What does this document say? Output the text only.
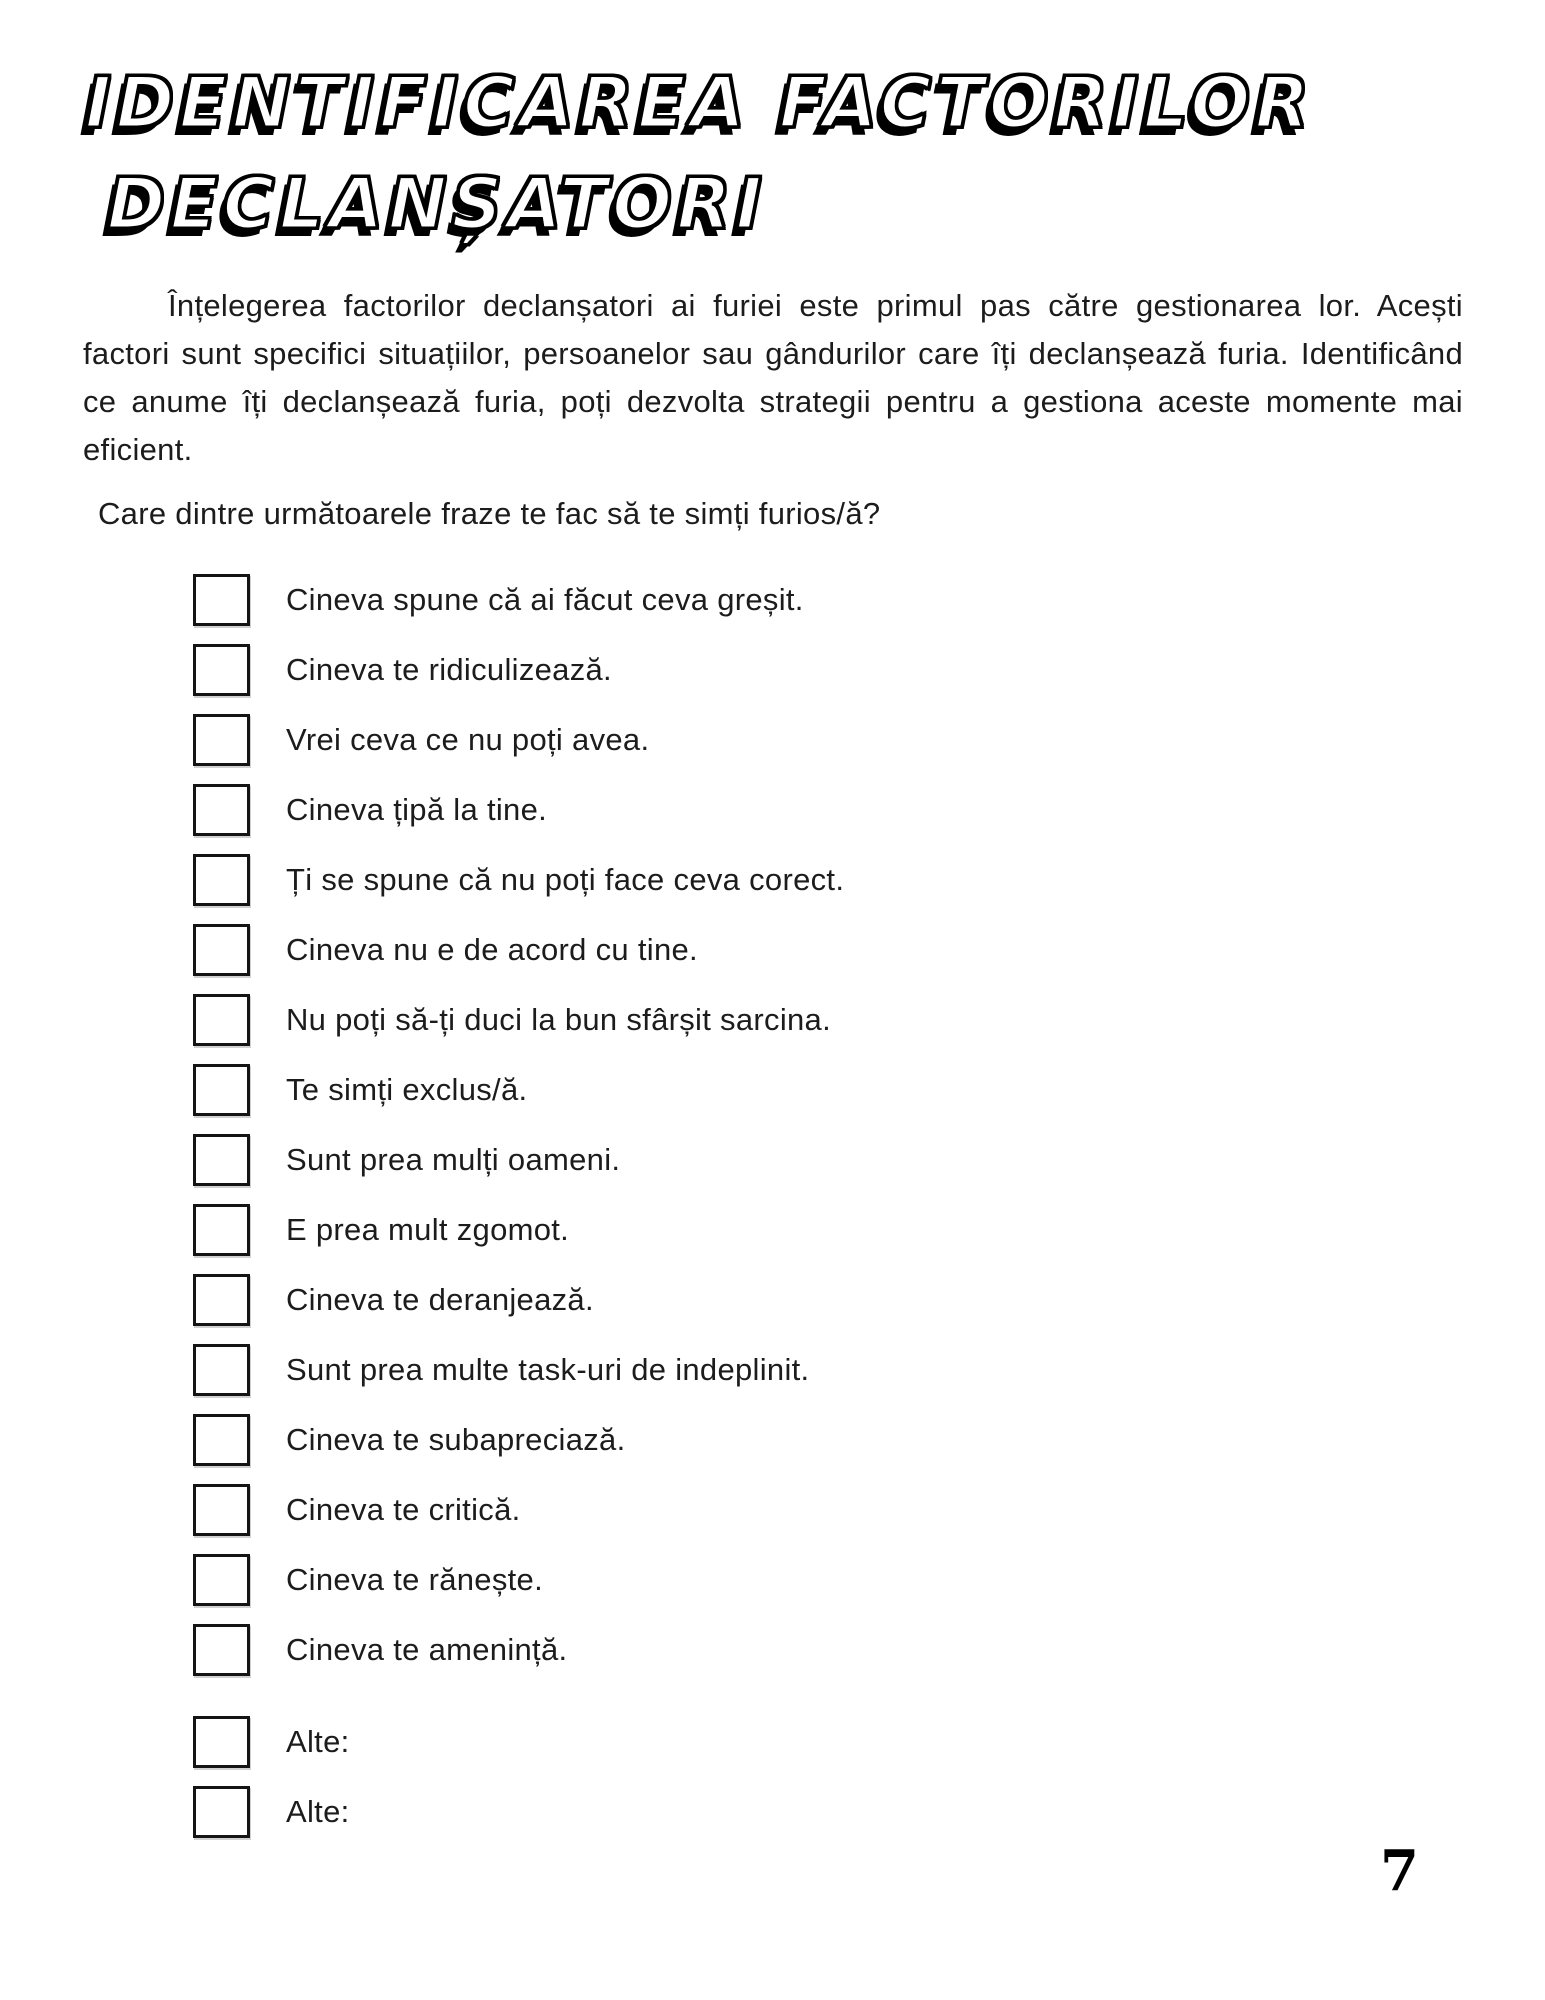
IDENTIFICAREA FACTORILOR
DECLANȘATORI

Înțelegerea factorilor declanșatori ai furiei este primul pas către gestionarea lor. Acești factori sunt specifici situațiilor, persoanelor sau gândurilor care îți declanșează furia. Identificând ce anume îți declanșează furia, poți dezvolta strategii pentru a gestiona aceste momente mai eficient.

Care dintre următoarele fraze te fac să te simți furios/ă?

Cineva spune că ai făcut ceva greșit.
Cineva te ridiculizează.
Vrei ceva ce nu poți avea.
Cineva țipă la tine.
Ți se spune că nu poți face ceva corect.
Cineva nu e de acord cu tine.
Nu poți să-ți duci la bun sfârșit sarcina.
Te simți exclus/ă.
Sunt prea mulți oameni.
E prea mult zgomot.
Cineva te deranjează.
Sunt prea multe task-uri de indeplinit.
Cineva te subapreciază.
Cineva te critică.
Cineva te rănește.
Cineva te amenință.
Alte:
Alte:
7
